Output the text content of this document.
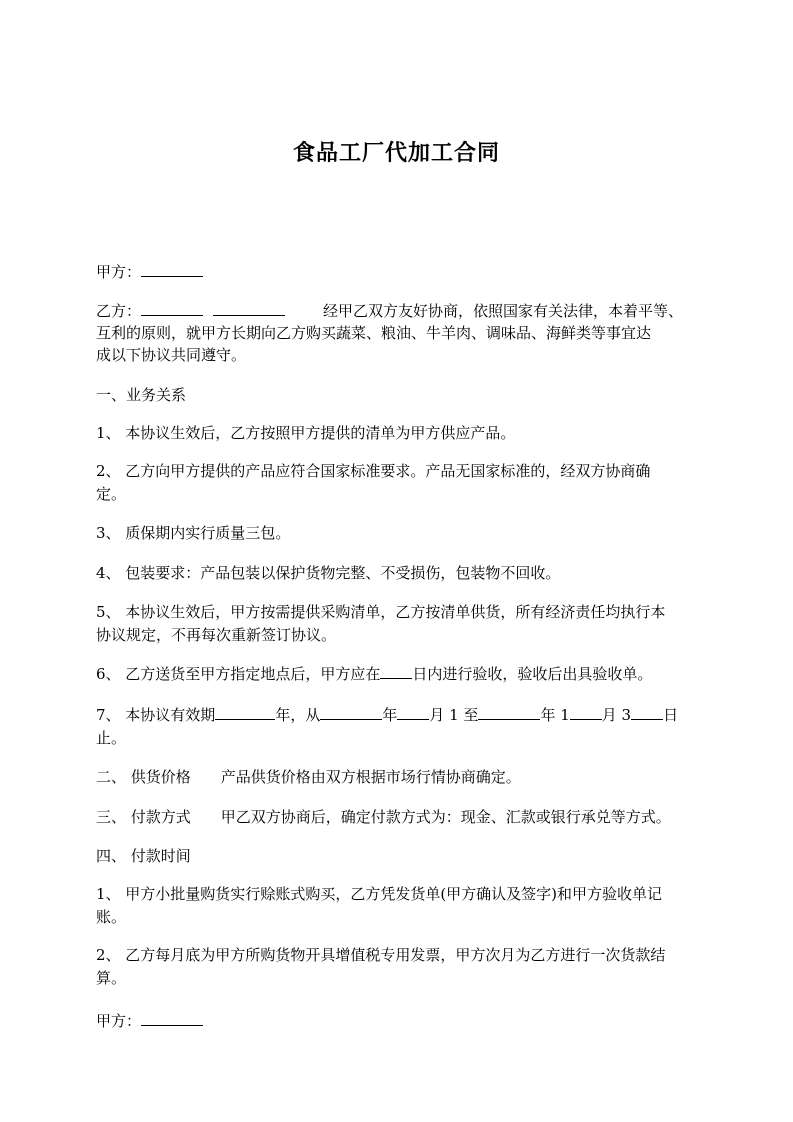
食品工厂代加工合同
甲方：
乙方：	经甲乙双方友好协商，依照国家有关法律，本着平等、
互利的原则，就甲方长期向乙方购买蔬菜、粮油、牛羊肉、调味品、海鲜类等事宜达
成以下协议共同遵守。
一、业务关系
1、 本协议生效后，乙方按照甲方提供的清单为甲方供应产品。
2、 乙方向甲方提供的产品应符合国家标准要求。产品无国家标准的，经双方协商确
定。
3、 质保期内实行质量三包。
4、 包装要求：产品包装以保护货物完整、不受损伤，包装物不回收。
5、 本协议生效后，甲方按需提供采购清单，乙方按清单供货，所有经济责任均执行本
协议规定，不再每次重新签订协议。
6、 乙方送货至甲方指定地点后，甲方应在 日内进行验收，验收后出具验收单。
7、 本协议有效期	年，从	年 月 1 至	年 1 月 3 日
止。
二、 供货价格 产品供货价格由双方根据市场行情协商确定。
三、 付款方式 甲乙双方协商后，确定付款方式为：现金、汇款或银行承兑等方式。
四、 付款时间
1、 甲方小批量购货实行赊账式购买，乙方凭发货单(甲方确认及签字)和甲方验收单记
账。
2、 乙方每月底为甲方所购货物开具增值税专用发票，甲方次月为乙方进行一次货款结
算。
甲方：
